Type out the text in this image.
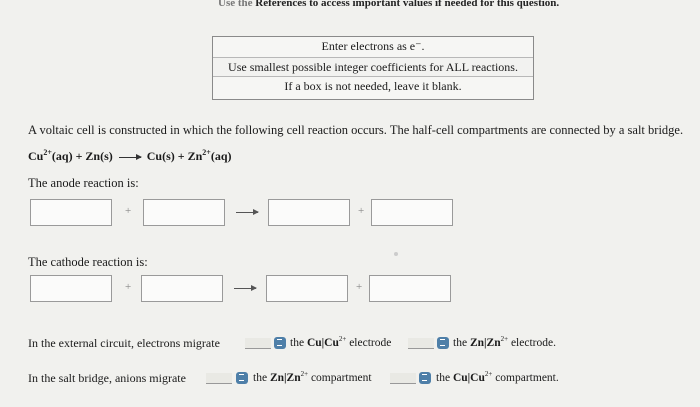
Use the References to access important values if needed for this question.
Enter electrons as e⁻.
Use smallest possible integer coefficients for ALL reactions.
If a box is not needed, leave it blank.
A voltaic cell is constructed in which the following cell reaction occurs. The half-cell compartments are connected by a salt bridge.
$Cu^{2+}(aq) + Zn(s) \to Cu(s) + Zn^{2+}(aq)$
The anode reaction is:
+	+
The cathode reaction is:
+	+
In the external circuit, electrons migrate	the $Cu|Cu^{2+}$ electrode	the $Zn|Zn^{2+}$ electrode.
In the salt bridge, anions migrate	the $Zn|Zn^{2+}$ compartment	the $Cu|Cu^{2+}$ compartment.
